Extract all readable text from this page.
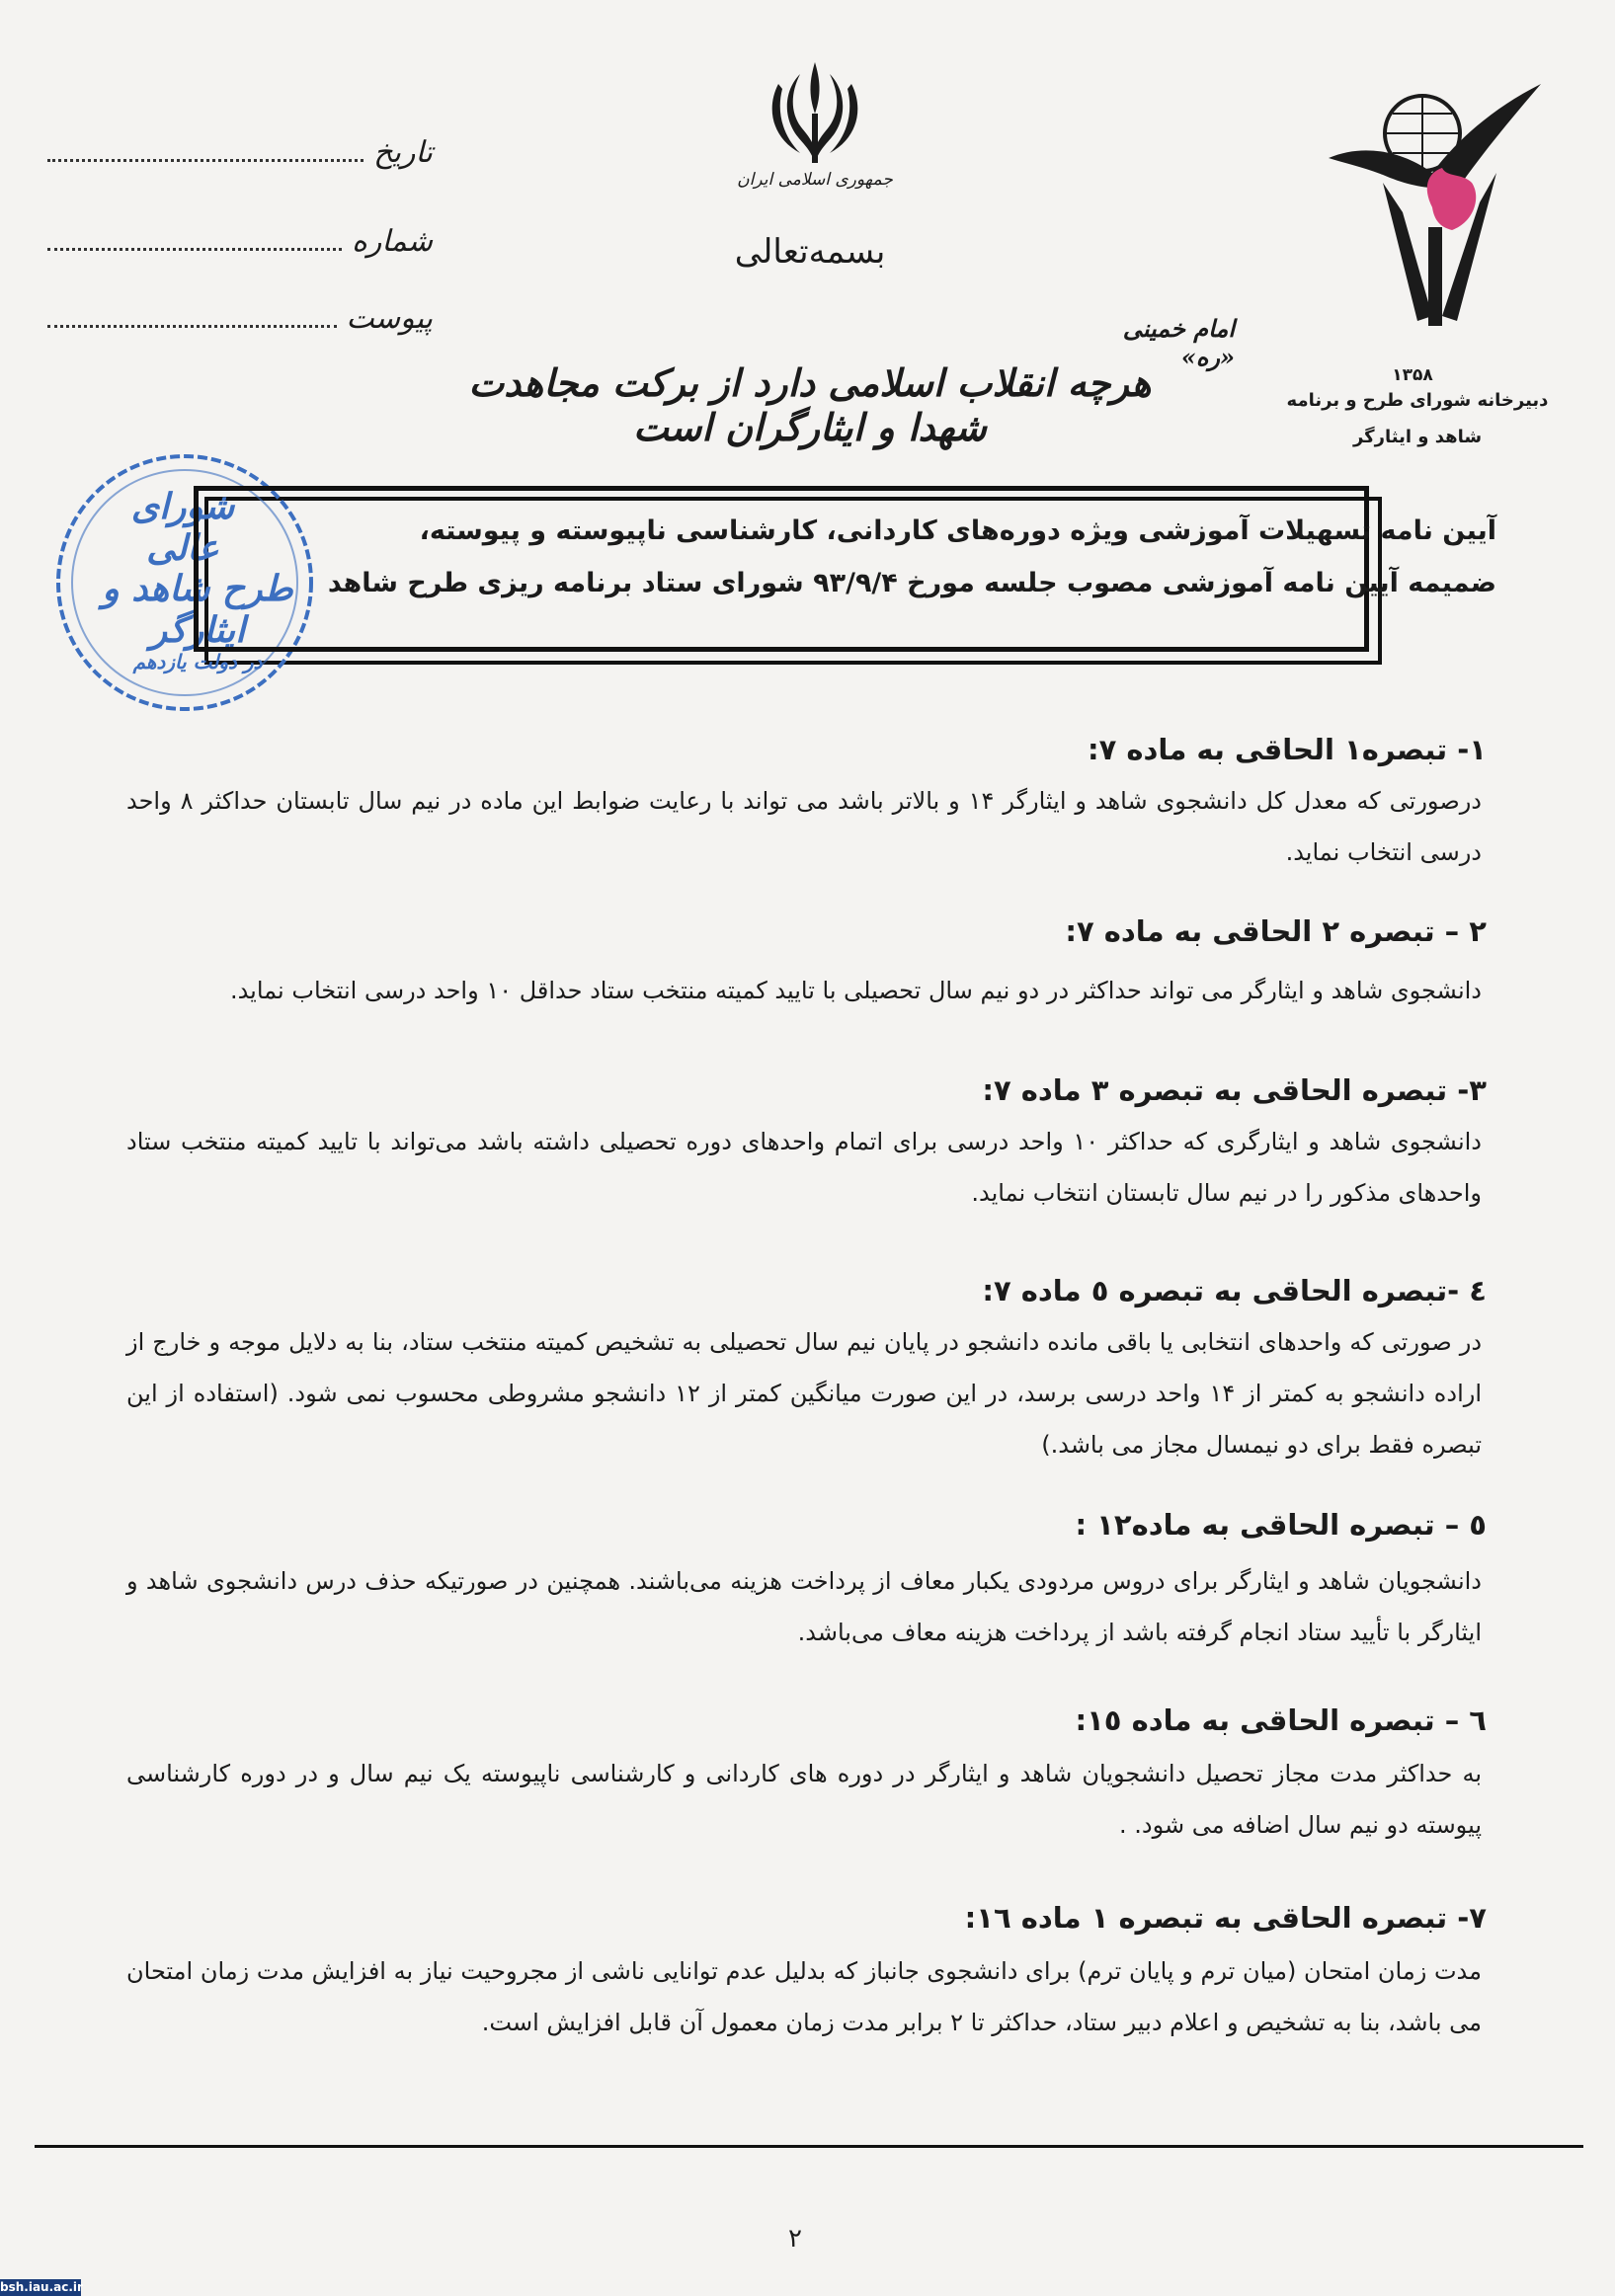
تاریخ
شماره
پیوست
جمهوری اسلامی ایران
بسمه‌تعالی
۱۳۵۸
دبیرخانه شورای طرح و برنامه
شاهد و ایثارگر
امام خمینی «ره»
هرچه انقلاب اسلامی دارد از برکت مجاهدت شهدا و ایثارگران است
شورای عالی
طرح شاهد و ایثارگر
در دولت یازدهم
آیین نامه تسهیلات آموزشی ویژه دوره‌های کاردانی، کارشناسی ناپیوسته و پیوسته،
ضمیمه آیین نامه آموزشی مصوب جلسه مورخ ۹۳/۹/۴ شورای ستاد برنامه ریزی طرح شاهد
۱- تبصره۱ الحاقی به ماده ۷:
درصورتی که معدل کل دانشجوی شاهد و ایثارگر ۱۴ و بالاتر باشد می تواند با رعایت ضوابط این ماده در نیم سال تابستان حداکثر ۸ واحد درسی انتخاب نماید.
۲ – تبصره ۲ الحاقی به ماده ۷:
دانشجوی شاهد و ایثارگر می تواند حداکثر در دو نیم سال تحصیلی با تایید کمیته منتخب ستاد حداقل ۱۰ واحد درسی انتخاب نماید.
۳- تبصره الحاقی به تبصره ۳ ماده ۷:
دانشجوی شاهد و ایثارگری که حداکثر ۱۰ واحد درسی برای اتمام واحدهای دوره تحصیلی داشته باشد می‌تواند با تایید کمیته منتخب ستاد واحدهای مذکور را در نیم سال تابستان انتخاب نماید.
٤ -تبصره الحاقی به تبصره ٥ ماده ۷:
در صورتی که واحدهای انتخابی یا باقی مانده دانشجو در پایان نیم سال تحصیلی به تشخیص کمیته منتخب ستاد، بنا به دلایل موجه و خارج از اراده دانشجو به کمتر از ۱۴ واحد درسی برسد، در این صورت میانگین کمتر از ۱۲ دانشجو مشروطی محسوب نمی شود. (استفاده از این تبصره فقط برای دو نیمسال مجاز می باشد.)
٥ – تبصره الحاقی به ماده۱۲ :
دانشجویان شاهد و ایثارگر برای دروس مردودی یکبار معاف از پرداخت هزینه می‌باشند. همچنین در صورتیکه حذف درس دانشجوی شاهد و ایثارگر با تأیید ستاد انجام گرفته باشد از پرداخت هزینه معاف می‌باشد.
٦ – تبصره الحاقی به ماده ۱٥:
به حداکثر مدت مجاز تحصیل دانشجویان شاهد و ایثارگر در دوره های کاردانی و کارشناسی ناپیوسته یک نیم سال و در دوره کارشناسی پیوسته دو نیم سال اضافه می شود. .
۷- تبصره الحاقی به تبصره ۱ ماده ۱٦:
مدت زمان امتحان (میان ترم و پایان ترم) برای دانشجوی جانباز که بدلیل عدم توانایی ناشی از مجروحیت نیاز به افزایش مدت زمان امتحان می باشد، بنا به تشخیص و اعلام دبیر ستاد، حداکثر تا ۲ برابر مدت زمان معمول آن قابل افزایش است.
۲
bsh.iau.ac.ir
